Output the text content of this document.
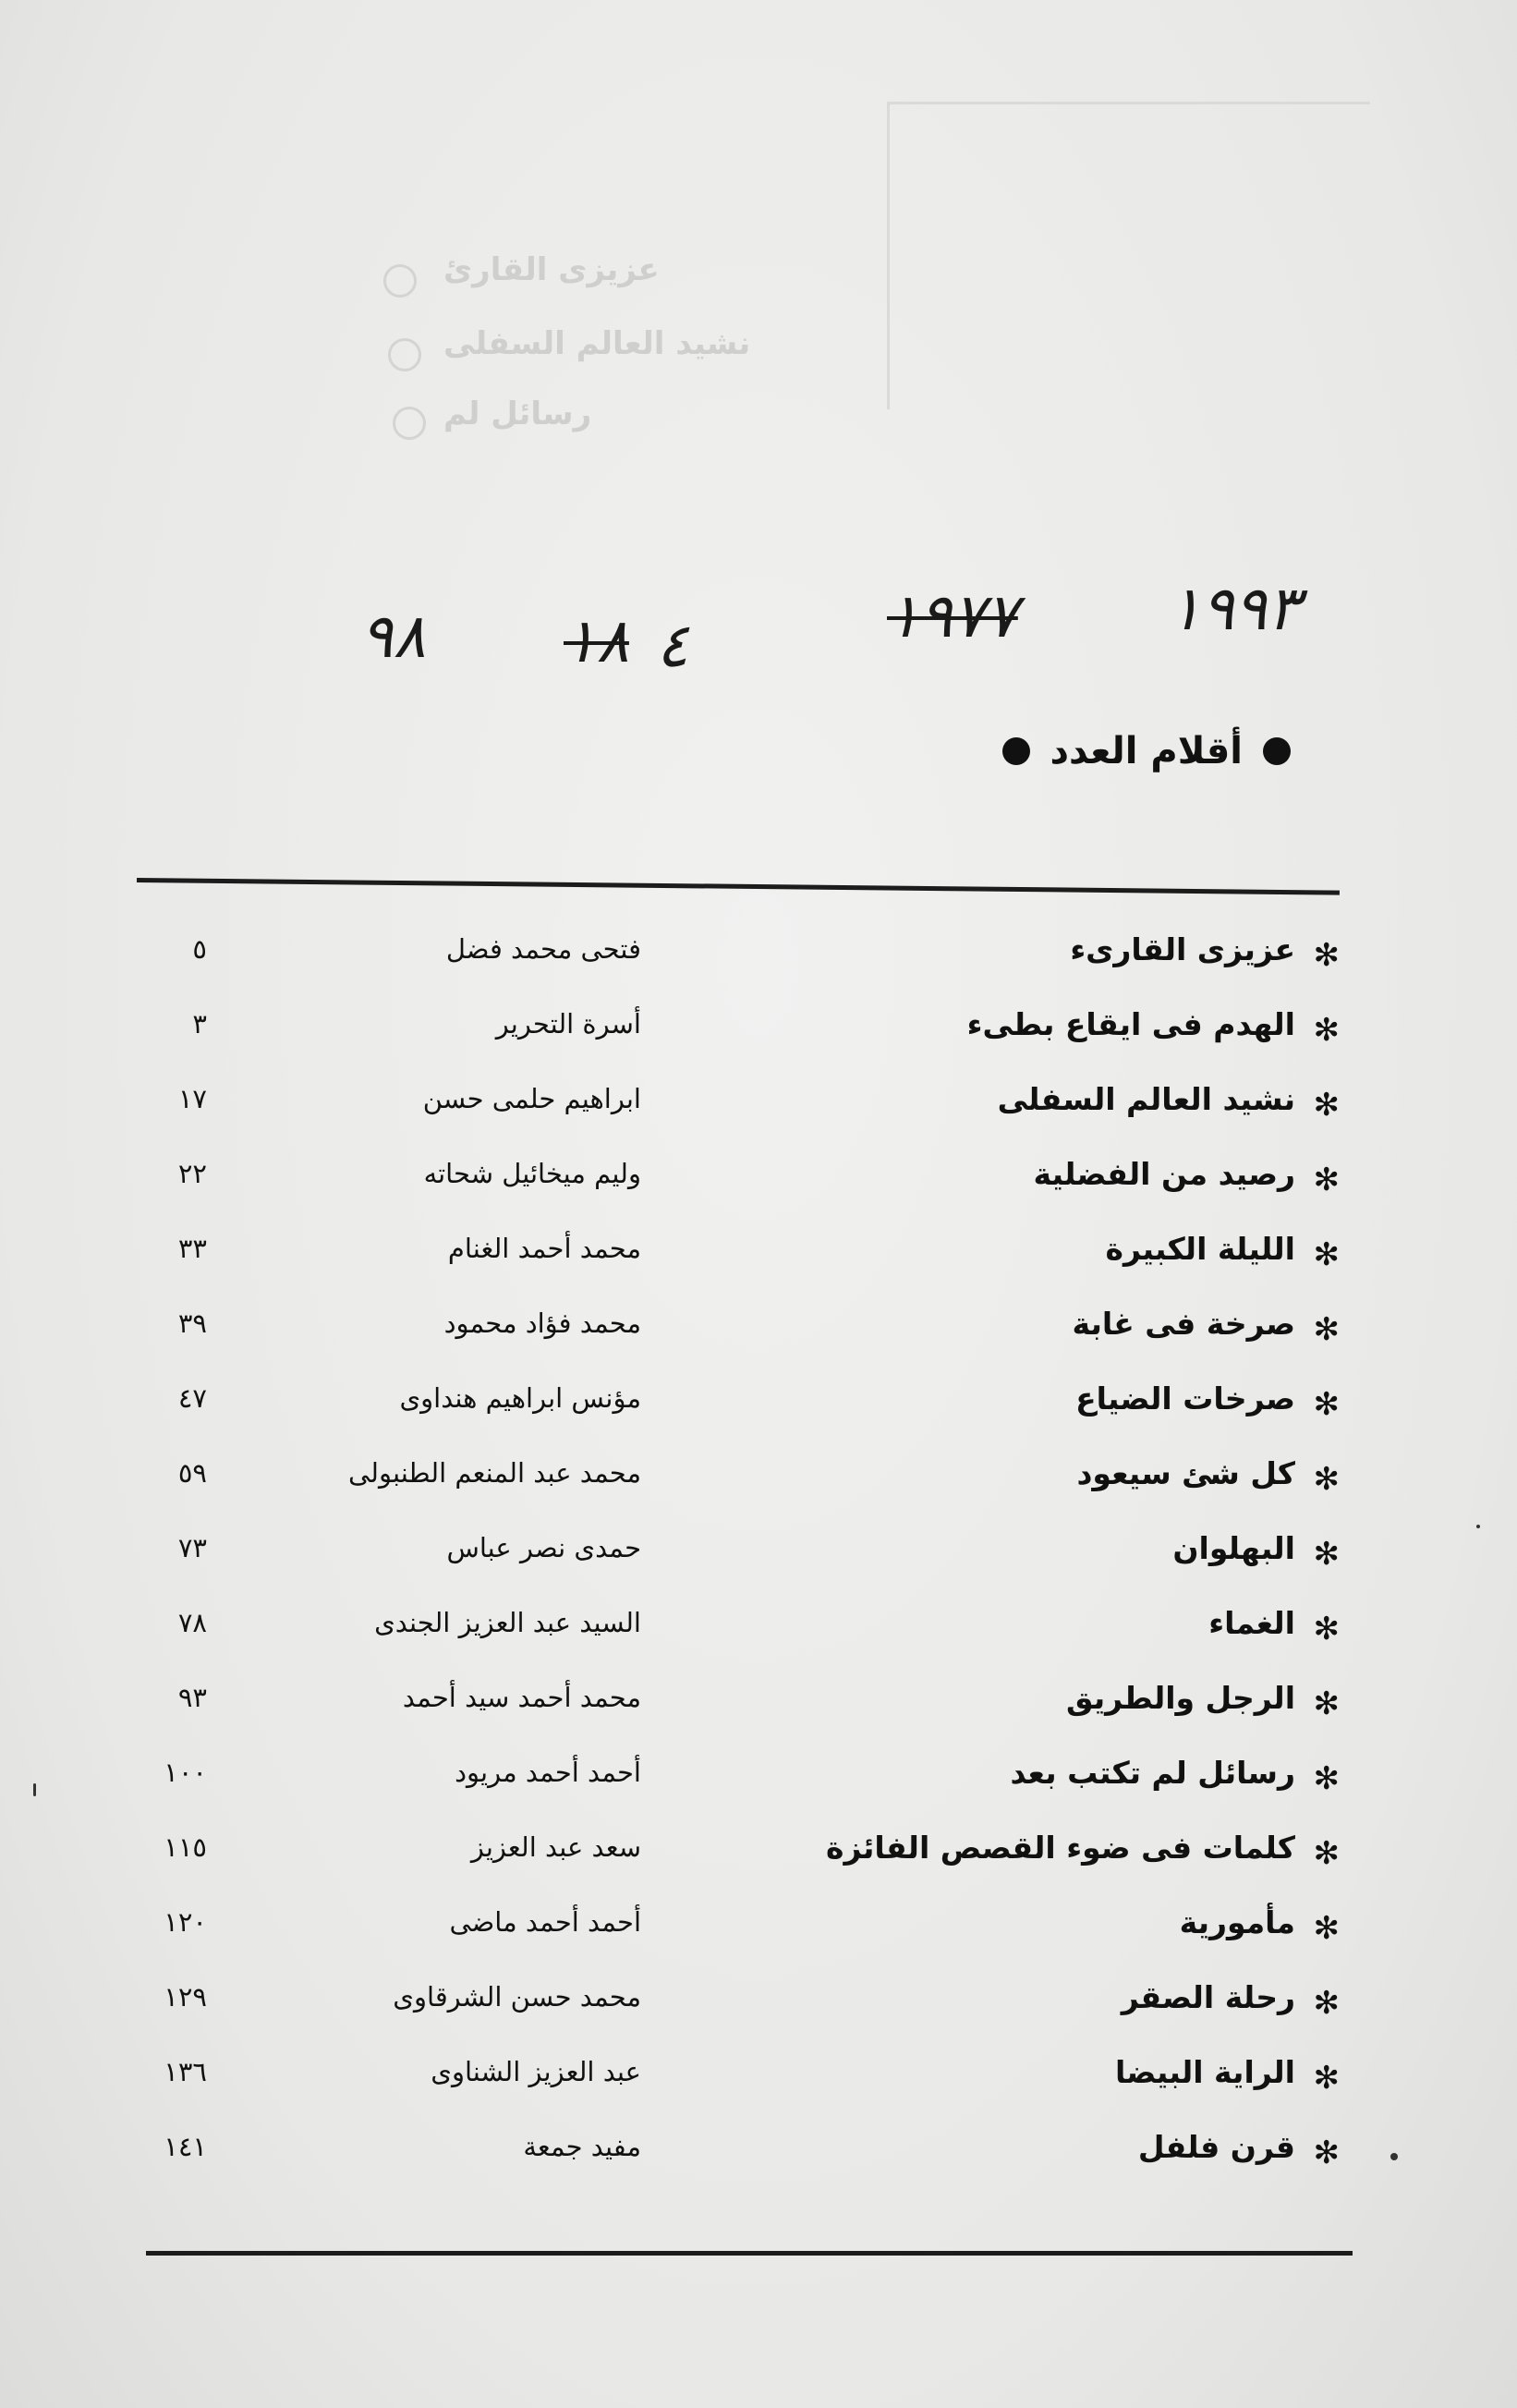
عزيزى القارئ
نشيد العالم السفلى
رسائل لم
٩٨ ١٨ ٤	١٩٧٧ ١٩٩٣
أقلام العدد
✻
عزيزى القارىء
فتحى محمد فضل
٥
✻
الهدم فى ايقاع بطىء
أسرة التحرير
٣
✻
نشيد العالم السفلى
ابراهيم حلمى حسن
١٧
✻
رصيد من الفضلية
وليم ميخائيل شحاته
٢٢
✻
الليلة الكبيرة
محمد أحمد الغنام
٣٣
✻
صرخة فى غابة
محمد فؤاد محمود
٣٩
✻
صرخات الضياع
مؤنس ابراهيم هنداوى
٤٧
✻
كل شئ سيعود
محمد عبد المنعم الطنبولى
٥٩
✻
البهلوان
حمدى نصر عباس
٧٣
✻
الغماء
السيد عبد العزيز الجندى
٧٨
✻
الرجل والطريق
محمد أحمد سيد أحمد
٩٣
✻
رسائل لم تكتب بعد
أحمد أحمد مريود
١٠٠
✻
كلمات فى ضوء القصص الفائزة
سعد عبد العزيز
١١٥
✻
مأمورية
أحمد أحمد ماضى
١٢٠
✻
رحلة الصقر
محمد حسن الشرقاوى
١٢٩
✻
الراية البيضا
عبد العزيز الشناوى
١٣٦
✻
قرن فلفل
مفيد جمعة
١٤١
